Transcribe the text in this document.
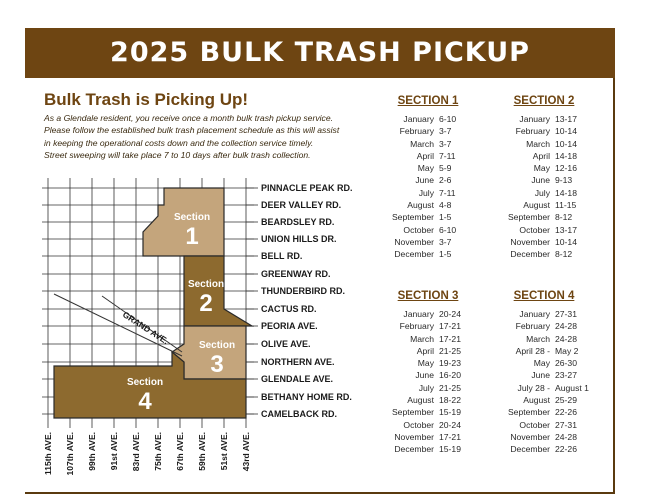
2025 BULK TRASH PICKUP SCHEDULE
Bulk Trash is Picking Up!

As a Glendale resident, you receive once a month bulk trash pickup service.

Please follow the established bulk trash placement schedule as this will assist

in keeping the operational costs down and the collection service timely.

Street sweeping will take place 7 to 10 days after bulk trash collection.

GRAND AVE.
Section
1
Section
2
Section
3
Section
4
PINNACLE PEAK RD.
DEER VALLEY RD.
BEARDSLEY RD.
UNION HILLS DR.
BELL RD.
GREENWAY RD.
THUNDERBIRD RD.
CACTUS RD.
PEORIA AVE.
OLIVE AVE.
NORTHERN AVE.
GLENDALE AVE.
BETHANY HOME RD.
CAMELBACK RD.
115th AVE. 107th AVE. 99th AVE. 91st AVE. 83rd AVE. 75th AVE. 67th AVE. 59th AVE. 51st AVE. 43rd AVE.
SECTION 1
January 6-10
February 3-7
March 3-7
April 7-11
May 5-9
June 2-6
July 7-11
August 4-8
September 1-5
October 6-10
November 3-7
December 1-5
SECTION 2
January 13-17
February 10-14
March 10-14
April 14-18
May 12-16
June 9-13
July 14-18
August 11-15
September 8-12
October 13-17
November 10-14
December 8-12
SECTION 3
January 20-24
February 17-21
March 17-21
April 21-25
May 19-23
June 16-20
July 21-25
August 18-22
September 15-19
October 20-24
November 17-21
December 15-19
SECTION 4
January 27-31
February 24-28
March 24-28
April 28 - May 2
May 26-30
June 23-27
July 28 - August 1
August 25-29
September 22-26
October 27-31
November 24-28
December 22-26
